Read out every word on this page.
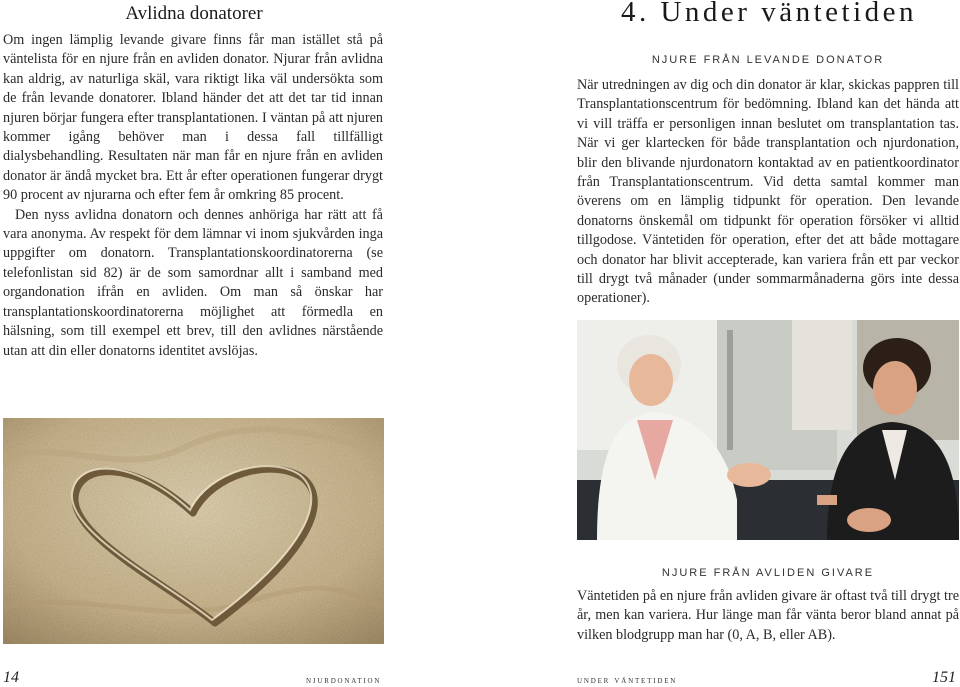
Avlidna donatorer

Om ingen lämplig levande givare finns får man istället stå på väntelista för en njure från en avliden donator. Njurar från avlidna kan aldrig, av naturliga skäl, vara riktigt lika väl undersökta som de från levande donatorer. Ibland händer det att det tar tid innan njuren börjar fungera efter transplantationen. I väntan på att njuren kommer igång behöver man i dessa fall tillfälligt dialysbehandling. Resultaten när man får en njure från en avliden donator är ändå mycket bra. Ett år efter operationen fungerar drygt 90 procent av njurarna och efter fem år omkring 85 procent.

Den nyss avlidna donatorn och dennes anhöriga har rätt att få vara anonyma. Av respekt för dem lämnar vi inom sjukvården inga uppgifter om donatorn. Transplantationskoordinatorerna (se telefonlistan sid 82) är de som samordnar allt i samband med organdonation ifrån en avliden. Om man så önskar har transplantationskoordinatorerna möjlighet att förmedla en hälsning, som till exempel ett brev, till den avlidnes närstående utan att din eller donatorns identitet avslöjas.

14	njurdonation
4. Under väntetiden
NJURE FRÅN LEVANDE DONATOR

När utredningen av dig och din donator är klar, skickas pappren till Transplantationscentrum för bedömning. Ibland kan det hända att vi vill träffa er personligen innan beslutet om transplantation tas. När vi ger klartecken för både transplantation och njurdonation, blir den blivande njurdonatorn kontaktad av en patientkoordinator från Transplantationscentrum. Vid detta samtal kommer man överens om en lämplig tidpunkt för operation. Den levande donatorns önskemål om tidpunkt för operation försöker vi alltid tillgodose. Väntetiden för operation, efter det att både mottagare och donator har blivit accepterade, kan variera från ett par veckor till drygt två månader (under sommarmånaderna görs inte dessa operationer).

NJURE FRÅN AVLIDEN GIVARE

Väntetiden på en njure från avliden givare är oftast två till drygt tre år, men kan variera. Hur länge man får vänta beror bland annat på vilken blodgrupp man har (0, A, B, eller AB).

under väntetiden	151
